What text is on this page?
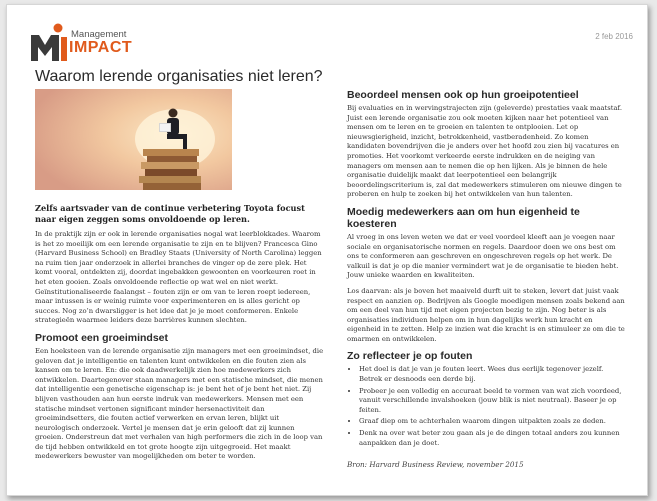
Management
IMPACT
2 feb 2016
Waarom lerende organisaties niet leren?

Zelfs aartsvader van de continue verbetering Toyota focust naar eigen zeggen soms onvoldoende op leren.

In de praktijk zijn er ook in lerende organisaties nogal wat leerblokkades. Waarom is het zo moeilijk om een lerende organisatie te zijn en te blijven? Francesca Gino (Harvard Business School) en Bradley Staats (University of North Carolina) leggen na ruim tien jaar onderzoek in allerlei branches de vinger op de zere plek. Het komt vooral, ontdekten zij, doordat ingebakken gewoonten en voorkeuren roet in het eten gooien. Zoals onvoldoende reflectie op wat wel en niet werkt. Geïnstitutionaliseerde faalangst – fouten zijn er om van te leren roept iedereen, maar intussen is er weinig ruimte voor experimenteren en is alles gericht op succes. Nog zo’n dwarsligger is het idee dat je je moet conformeren. Enkele strategieën waarmee leiders deze barrières kunnen slechten.

Promoot een groeimindset

Een hoeksteen van de lerende organisatie zijn managers met een groeimindset, die geloven dat je intelligentie en talenten kunt ontwikkelen en die fouten zien als kansen om te leren. En: die ook daadwerkelijk zien hoe medewerkers zich ontwikkelen. Daartegenover staan managers met een statische mindset, die menen dat intelligentie een genetische eigenschap is: je bent het of je bent het niet. Zij blijven vasthouden aan hun eerste indruk van medewerkers. Mensen met een statische mindset vertonen significant minder hersenactiviteit dan groeimindsetters, die fouten actief verwerken en ervan leren, blijkt uit neurologisch onderzoek. Vertel je mensen dat je erin gelooft dat zij kunnen groeien. Onderstreun dat met verhalen van high performers die zich in de loop van de tijd hebben ontwikkeld en tot grote hoogte zijn uitgegroeid. Het maakt medewerkers bewuster van mogelijkheden om beter te worden.

Beoordeel mensen ook op hun groeipotentieel

Bij evaluaties en in wervingstrajecten zijn (geleverde) prestaties vaak maatstaf. Juist een lerende organisatie zou ook moeten kijken naar het potentieel van mensen om te leren en te groeien en talenten te ontplooien. Let op nieuwsgierigheid, inzicht, betrokkenheid, vastberadenheid. Zo komen kandidaten bovendrijven die je anders over het hoofd zou zien bij vacatures en promoties. Het voorkomt verkeerde eerste indrukken en de neiging van managers om mensen aan te nemen die op hen lijken. Als je binnen de hele organisatie duidelijk maakt dat leerpotentieel een belangrijk beoordelingscriterium is, zal dat medewerkers stimuleren om nieuwe dingen te proberen en hulp te zoeken bij het ontwikkelen van hun talenten.

Moedig medewerkers aan om hun eigenheid te koesteren

Al vroeg in ons leven weten we dat er veel voordeel kleeft aan je voegen naar sociale en organisatorische normen en regels. Daardoor doen we ons best om ons te conformeren aan geschreven en ongeschreven regels op het werk. De valkuil is dat je op die manier vermindert wat je de organisatie te bieden hebt. Jouw unieke waarden en kwaliteiten.

Los daarvan: als je boven het maaiveld durft uit te steken, levert dat juist vaak respect en aanzien op. Bedrijven als Google moedigen mensen zoals bekend aan om een deel van hun tijd met eigen projecten bezig te zijn. Nog beter is als organisaties individuen helpen om in hun dagelijks werk hun kracht en eigenheid in te zetten. Help ze inzien wat die kracht is en stimuleer ze om die te omarmen en ontwikkelen.

Zo reflecteer je op fouten
• Het doel is dat je van je fouten leert. Wees dus eerlijk tegenover jezelf. Betrek er desnoods een derde bij.
• Probeer je een volledig en accuraat beeld te vormen van wat zich voordeed, vanuit verschillende invalshoeken (jouw blik is niet neutraal). Baseer je op feiten.
• Graaf diep om te achterhalen waarom dingen uitpakten zoals ze deden.
• Denk na over wat beter zou gaan als je de dingen totaal anders zou kunnen aanpakken dan je doet.
Bron: Harvard Business Review, november 2015
